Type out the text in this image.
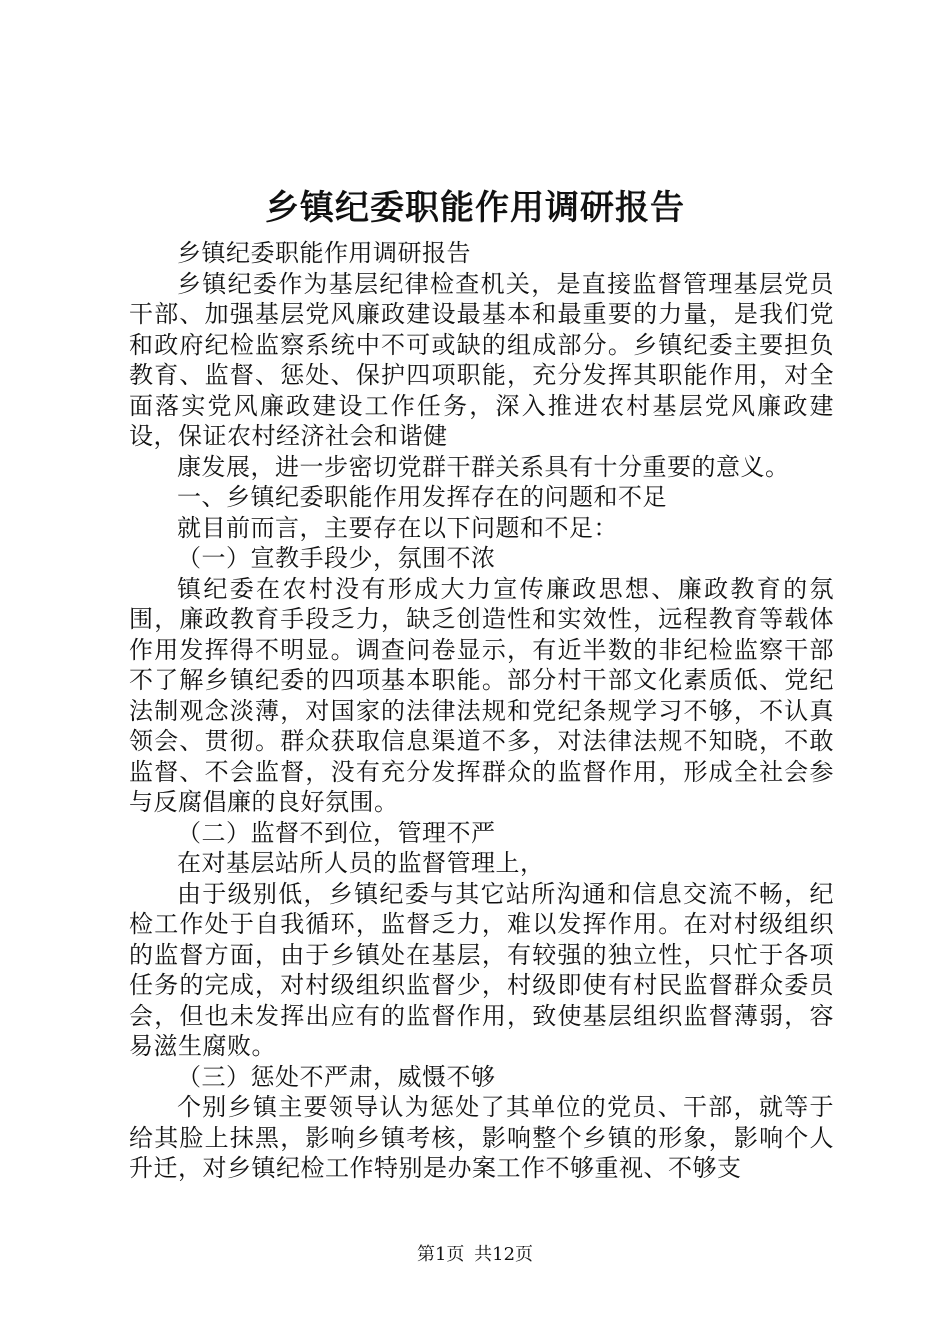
乡镇纪委职能作用调研报告

乡镇纪委职能作用调研报告

乡镇纪委作为基层纪律检查机关，是直接监督管理基层党员干部、加强基层党风廉政建设最基本和最重要的力量，是我们党和政府纪检监察系统中不可或缺的组成部分。乡镇纪委主要担负教育、监督、惩处、保护四项职能，充分发挥其职能作用，对全面落实党风廉政建设工作任务，深入推进农村基层党风廉政建设，保证农村经济社会和谐健

康发展，进一步密切党群干群关系具有十分重要的意义。

一、乡镇纪委职能作用发挥存在的问题和不足

就目前而言，主要存在以下问题和不足：

（一）宣教手段少，氛围不浓

镇纪委在农村没有形成大力宣传廉政思想、廉政教育的氛围，廉政教育手段乏力，缺乏创造性和实效性，远程教育等载体作用发挥得不明显。调查问卷显示，有近半数的非纪检监察干部不了解乡镇纪委的四项基本职能。部分村干部文化素质低、党纪法制观念淡薄，对国家的法律法规和党纪条规学习不够，不认真领会、贯彻。群众获取信息渠道不多，对法律法规不知晓，不敢监督、不会监督，没有充分发挥群众的监督作用，形成全社会参与反腐倡廉的良好氛围。

（二）监督不到位，管理不严

在对基层站所人员的监督管理上，

由于级别低，乡镇纪委与其它站所沟通和信息交流不畅，纪检工作处于自我循环，监督乏力，难以发挥作用。在对村级组织的监督方面，由于乡镇处在基层，有较强的独立性，只忙于各项任务的完成，对村级组织监督少，村级即使有村民监督群众委员会，但也未发挥出应有的监督作用，致使基层组织监督薄弱，容易滋生腐败。

（三）惩处不严肃，威慑不够

个别乡镇主要领导认为惩处了其单位的党员、干部，就等于给其脸上抹黑，影响乡镇考核，影响整个乡镇的形象，影响个人升迁，对乡镇纪检工作特别是办案工作不够重视、不够支

第1页 共12页
